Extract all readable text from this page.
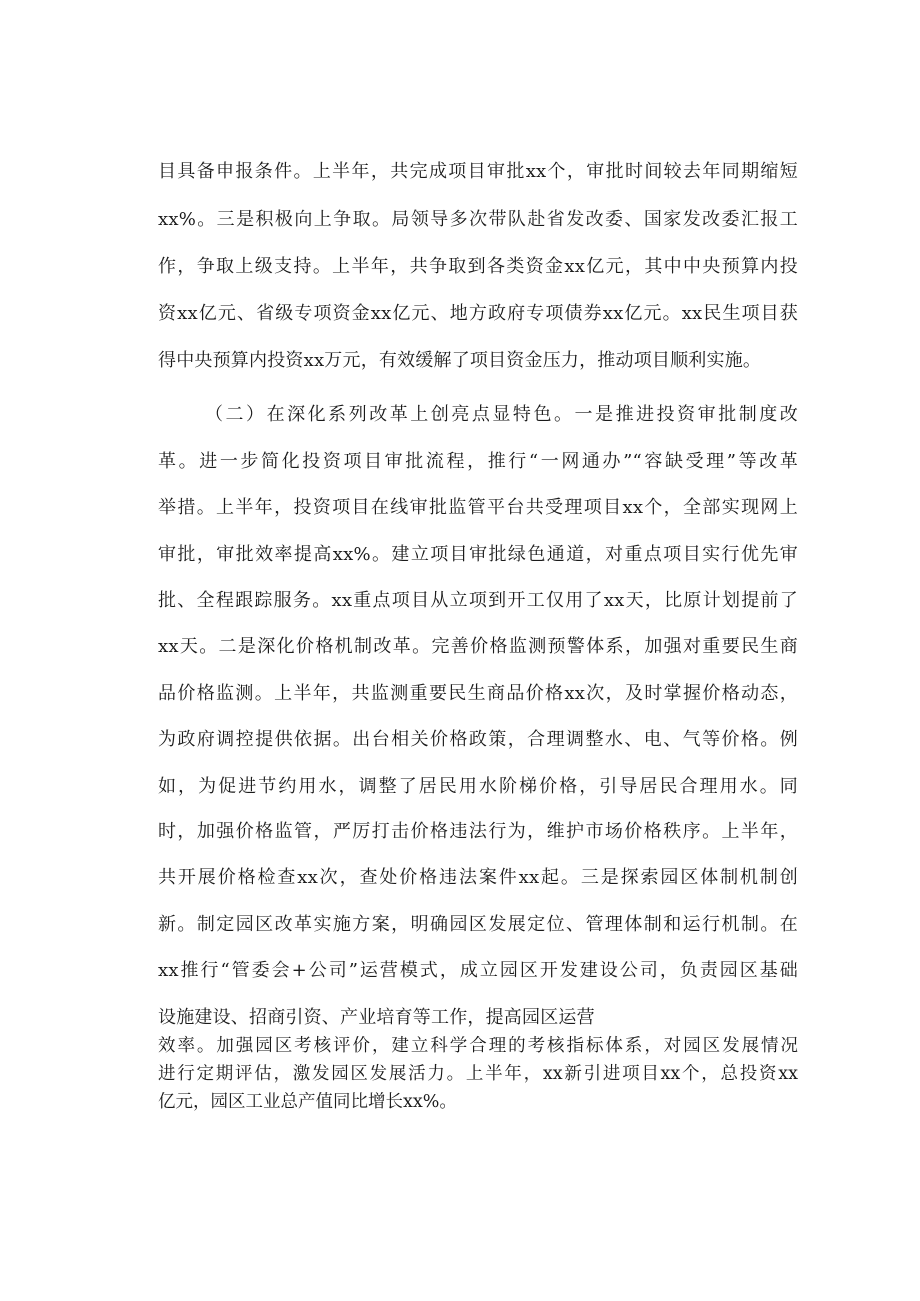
目具备申报条件。上半年，共完成项目审批xx个，审批时间较去年同期缩短
xx%。三是积极向上争取。局领导多次带队赴省发改委、国家发改委汇报工
作，争取上级支持。上半年，共争取到各类资金xx亿元，其中中央预算内投
资xx亿元、省级专项资金xx亿元、地方政府专项债券xx亿元。xx民生项目获
得中央预算内投资xx万元，有效缓解了项目资金压力，推动项目顺利实施。
（二）在深化系列改革上创亮点显特色。一是推进投资审批制度改
革。进一步简化投资项目审批流程，推行“一网通办”“容缺受理”等改革
举措。上半年，投资项目在线审批监管平台共受理项目xx个，全部实现网上
审批，审批效率提高xx%。建立项目审批绿色通道，对重点项目实行优先审
批、全程跟踪服务。xx重点项目从立项到开工仅用了xx天，比原计划提前了
xx天。二是深化价格机制改革。完善价格监测预警体系，加强对重要民生商
品价格监测。上半年，共监测重要民生商品价格xx次，及时掌握价格动态，
为政府调控提供依据。出台相关价格政策，合理调整水、电、气等价格。例
如，为促进节约用水，调整了居民用水阶梯价格，引导居民合理用水。同
时，加强价格监管，严厉打击价格违法行为，维护市场价格秩序。上半年，
共开展价格检查xx次，查处价格违法案件xx起。三是探索园区体制机制创
新。制定园区改革实施方案，明确园区发展定位、管理体制和运行机制。在
xx推行“管委会+公司”运营模式，成立园区开发建设公司，负责园区基础
设施建设、招商引资、产业培育等工作，提高园区运营
效率。加强园区考核评价，建立科学合理的考核指标体系，对园区发展情况
进行定期评估，激发园区发展活力。上半年，xx新引进项目xx个，总投资xx
亿元，园区工业总产值同比增长xx%。
